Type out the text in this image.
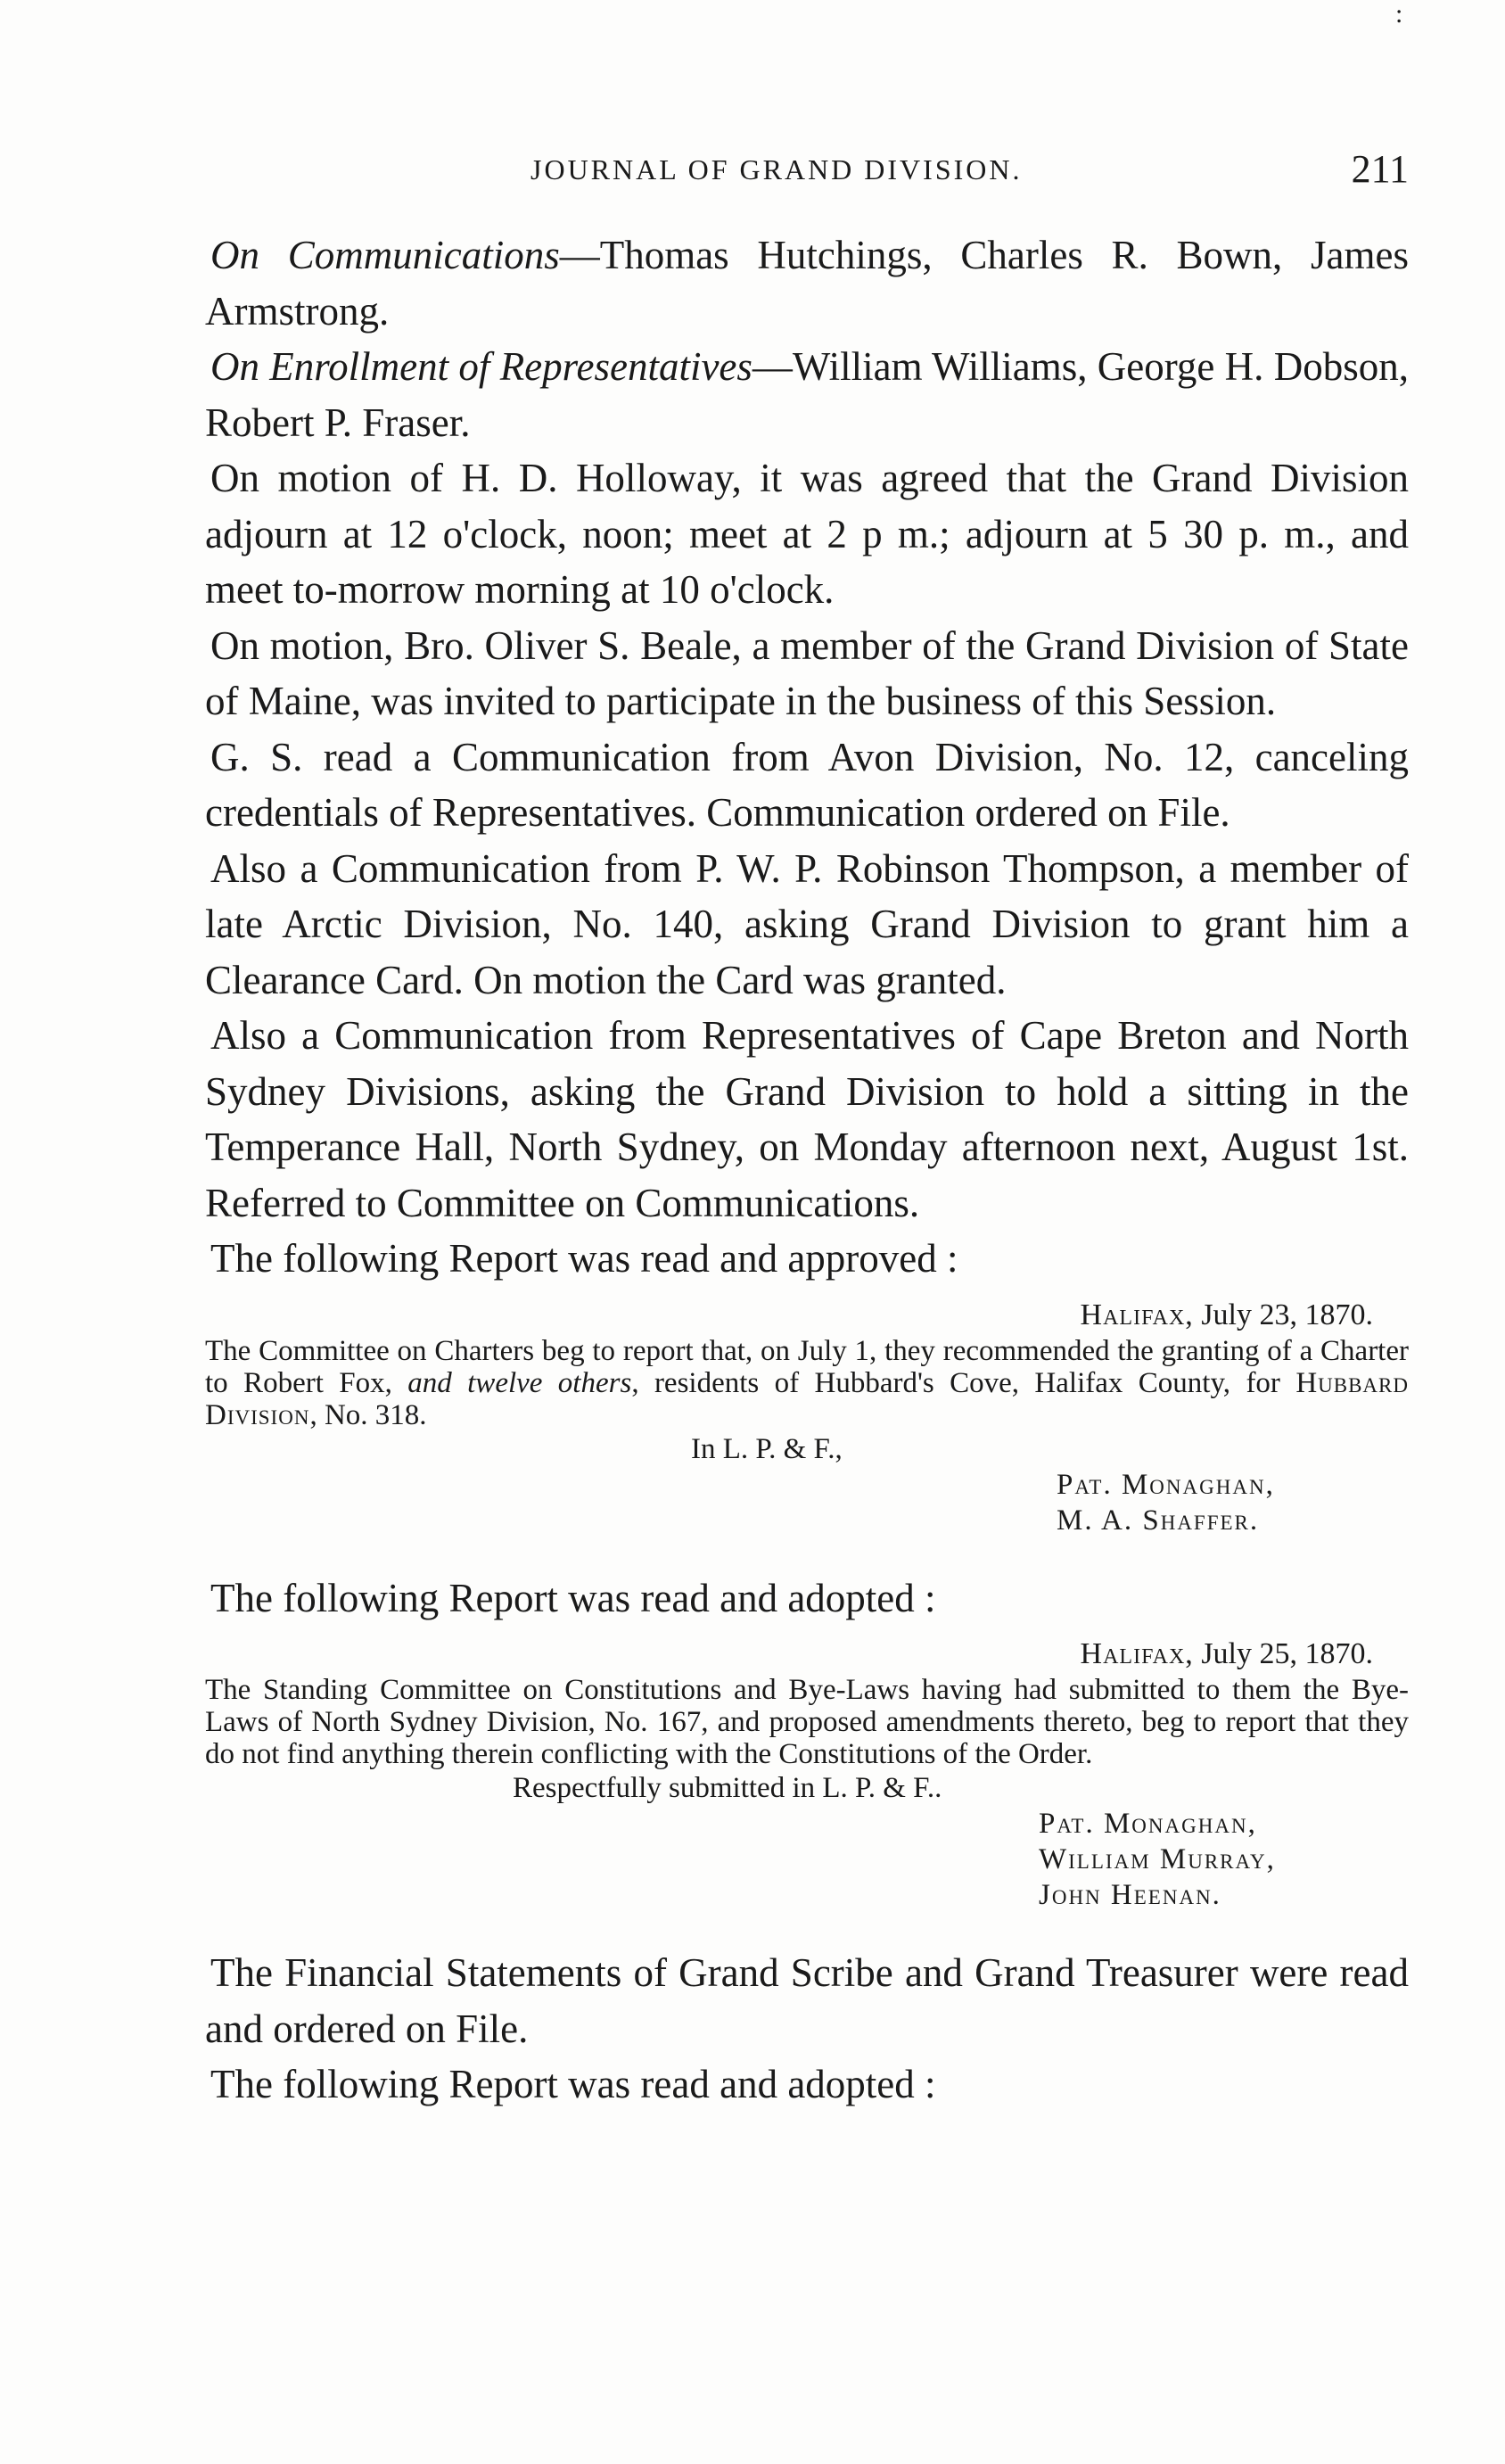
JOURNAL OF GRAND DIVISION.	211
:

On Communications—Thomas Hutchings, Charles R. Bown, James Armstrong.

On Enrollment of Representatives—William Williams, George H. Dobson, Robert P. Fraser.

On motion of H. D. Holloway, it was agreed that the Grand Division adjourn at 12 o'clock, noon; meet at 2 p m.; adjourn at 5 30 p. m., and meet to-morrow morning at 10 o'clock.

On motion, Bro. Oliver S. Beale, a member of the Grand Division of State of Maine, was invited to participate in the business of this Session.

G. S. read a Communication from Avon Division, No. 12, canceling credentials of Representatives. Communication ordered on File.

Also a Communication from P. W. P. Robinson Thompson, a member of late Arctic Division, No. 140, asking Grand Division to grant him a Clearance Card. On motion the Card was granted.

Also a Communication from Representatives of Cape Breton and North Sydney Divisions, asking the Grand Division to hold a sitting in the Temperance Hall, North Sydney, on Monday afternoon next, August 1st. Referred to Committee on Communications.

The following Report was read and approved :

Halifax, July 23, 1870.
The Committee on Charters beg to report that, on July 1, they recommended the granting of a Charter to Robert Fox, and twelve others, residents of Hubbard's Cove, Halifax County, for Hubbard Division, No. 318.
In L. P. & F.,
Pat. Monaghan,
M. A. Shaffer.

The following Report was read and adopted :

Halifax, July 25, 1870.
The Standing Committee on Constitutions and Bye-Laws having had submitted to them the Bye-Laws of North Sydney Division, No. 167, and proposed amendments thereto, beg to report that they do not find anything therein conflicting with the Constitutions of the Order.
Respectfully submitted in L. P. & F..
Pat. Monaghan,
William Murray,
John Heenan.

The Financial Statements of Grand Scribe and Grand Treasurer were read and ordered on File.

The following Report was read and adopted :
